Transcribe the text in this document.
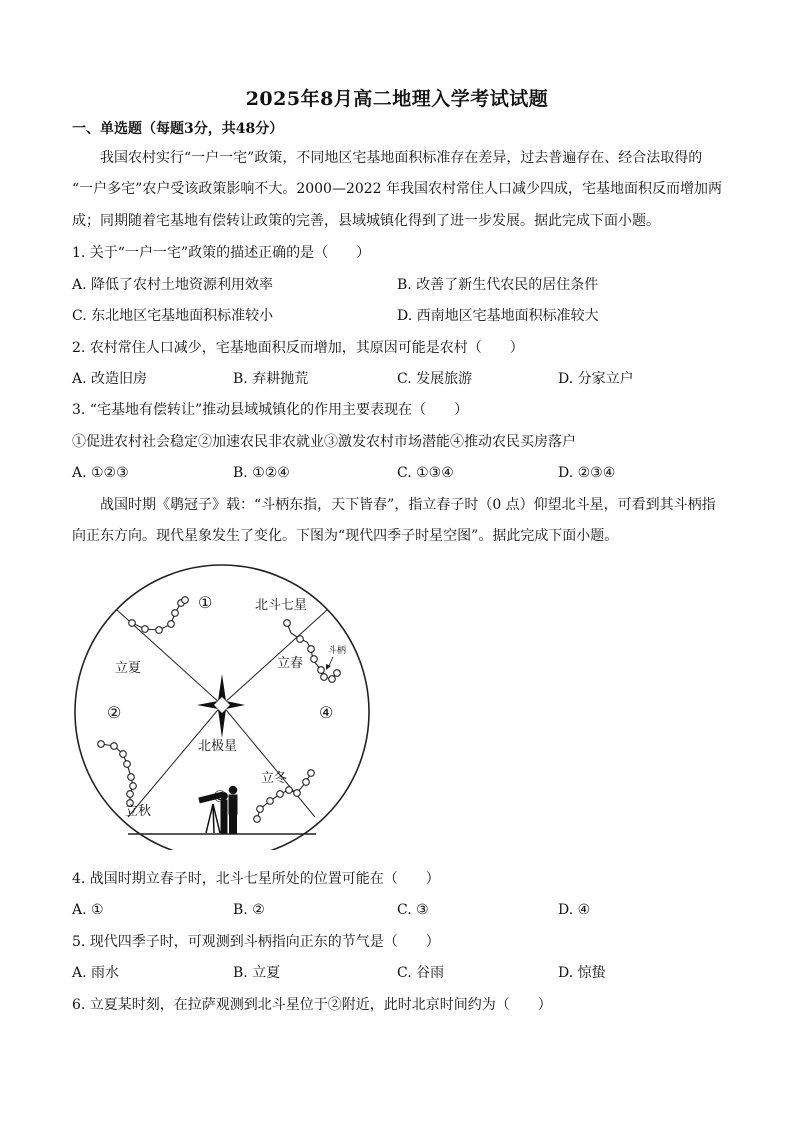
2025年8月高二地理入学考试试题
一、单选题（每题3分，共48分）
我国农村实行“一户一宅”政策，不同地区宅基地面积标准存在差异，过去普遍存在、经合法取得的
“一户多宅”农户受该政策影响不大。2000—2022 年我国农村常住人口减少四成，宅基地面积反而增加两
成；同期随着宅基地有偿转让政策的完善，县域城镇化得到了进一步发展。据此完成下面小题。
1. 关于“一户一宅”政策的描述正确的是（　　）
A. 降低了农村土地资源利用效率	B. 改善了新生代农民的居住条件
C. 东北地区宅基地面积标准较小	D. 西南地区宅基地面积标准较大
2. 农村常住人口减少，宅基地面积反而增加，其原因可能是农村（　　）
A. 改造旧房	B. 弃耕抛荒	C. 发展旅游	D. 分家立户
3. “宅基地有偿转让”推动县域城镇化的作用主要表现在（　　）
①促进农村社会稳定②加速农民非农就业③激发农村市场潜能④推动农民买房落户
A. ①②③	B. ①②④	C. ①③④	D. ②③④
战国时期《鹖冠子》载：“斗柄东指，天下皆春”，指立春子时（0 点）仰望北斗星，可看到其斗柄指
向正东方向。现代星象发生了变化。下图为“现代四季子时星空图”。据此完成下面小题。
北极星
①
立夏
北斗七星
斗柄
立春
②	④
立秋
立冬
4. 战国时期立春子时，北斗七星所处的位置可能在（　　）
A. ①	B. ②	C. ③	D. ④
5. 现代四季子时，可观测到斗柄指向正东的节气是（　　）
A. 雨水	B. 立夏	C. 谷雨	D. 惊蛰
6. 立夏某时刻，在拉萨观测到北斗星位于②附近，此时北京时间约为（　　）
